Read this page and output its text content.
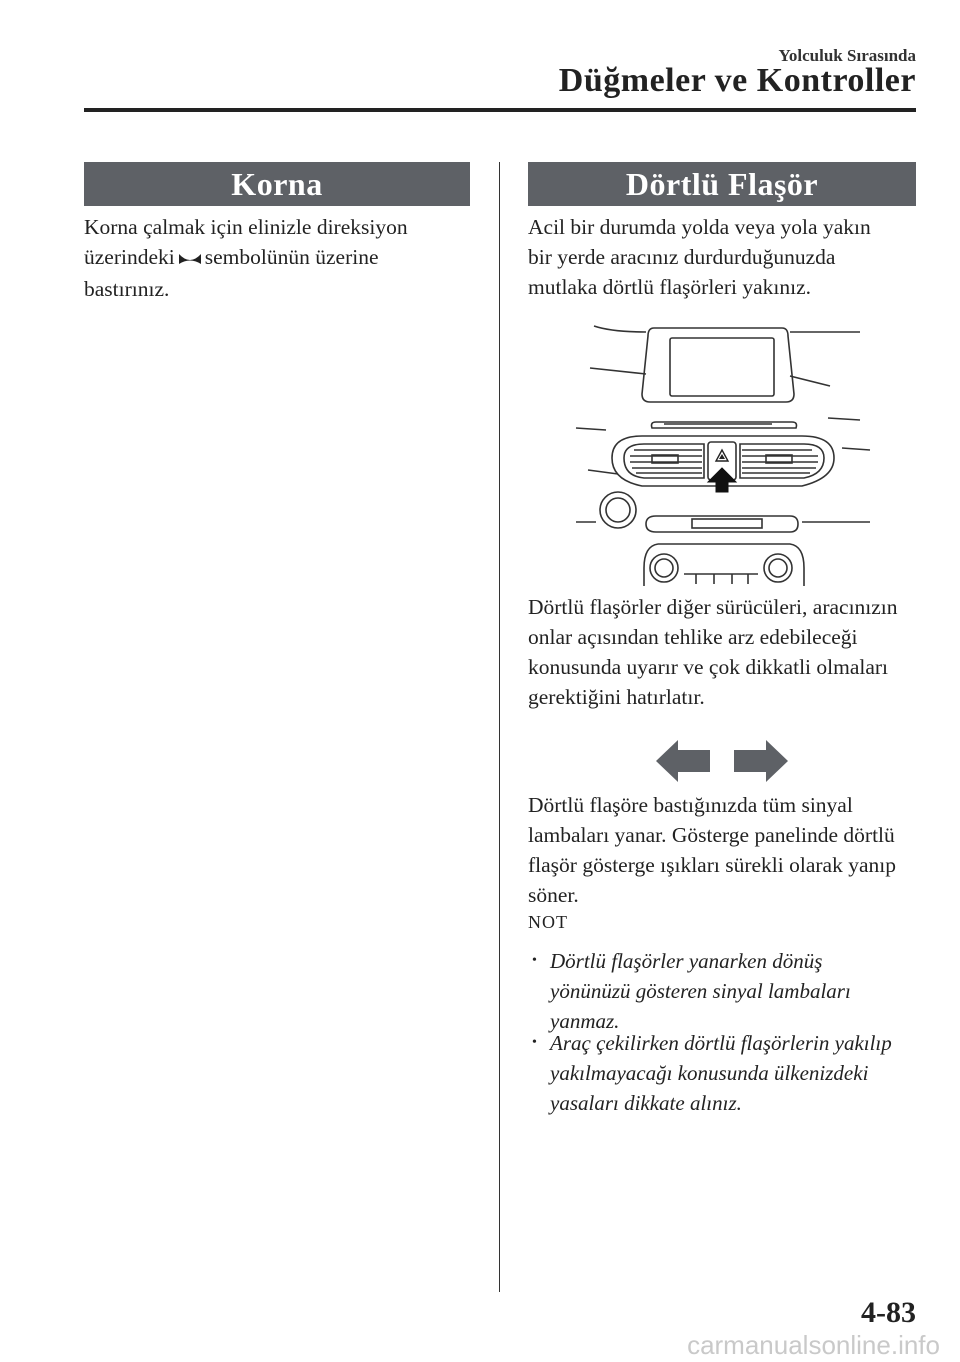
Yolculuk Sırasında
Düğmeler ve Kontroller
Korna
Korna çalmak için elinizle direksiyon
üzerindeki sembolünün üzerine
bastırınız.
Dörtlü Flaşör
Acil bir durumda yolda veya yola yakın
bir yerde aracınız durdurduğunuzda
mutlaka dörtlü flaşörleri yakınız.
Dörtlü flaşörler diğer sürücüleri, aracınızın
onlar açısından tehlike arz edebileceği
konusunda uyarır ve çok dikkatli olmaları
gerektiğini hatırlatır.
Dörtlü flaşöre bastığınızda tüm sinyal
lambaları yanar. Gösterge panelinde dörtlü
flaşör gösterge ışıkları sürekli olarak yanıp
söner.
NOT
• Dörtlü flaşörler yanarken dönüş
yönünüzü gösteren sinyal lambaları
yanmaz.
• Araç çekilirken dörtlü flaşörlerin yakılıp
yakılmayacağı konusunda ülkenizdeki
yasaları dikkate alınız.
4-83
carmanualsonline.info
